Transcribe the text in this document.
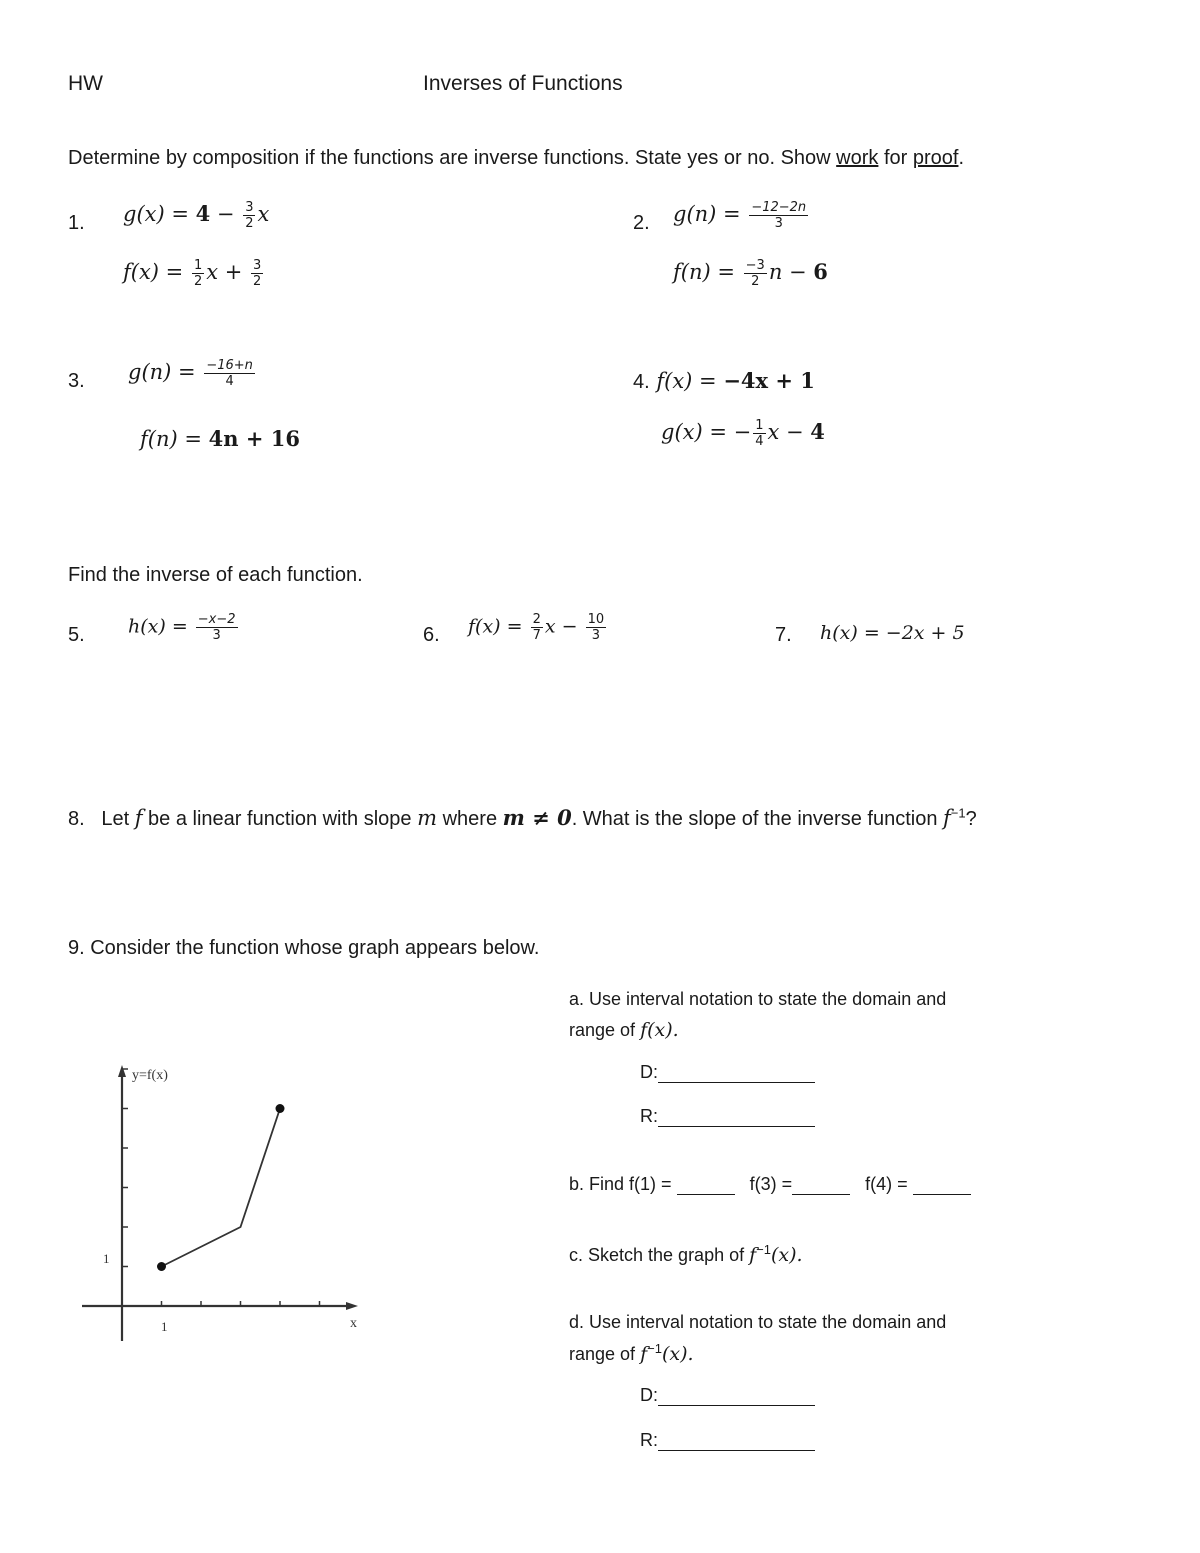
HW	Inverses of Functions
Determine by composition if the functions are inverse functions. State yes or no. Show work for proof.
1. $g(x) = 4 - \frac{3}{2}$ x
$f(x) = \frac{1}{2}$ $x + \frac{3}{2}$
2. $g(n) = \frac{-12-2n}{3}$
$f(n) = \frac{-3}{2}$ n − 6
3. $g(n) = \frac{-16+n}{4}$
f(n) = 4n + 16
4. f(x) = −4x + 1
g(x) = − $\frac{1}{4}$ x − 4
Find the inverse of each function.
5. $h(x) = \frac{-x-2}{3}$	6. $f(x) = \frac{2}{7}$ $x - \frac{10}{3}$	7. h(x) = −2x + 5
8. Let f be a linear function with slope m where m ≠ 0. What is the slope of the inverse function $f^{-1}$?
9. Consider the function whose graph appears below.
a. Use interval notation to state the domain and
range of f(x).
D:
R:
b. Find f(1) =	f(3) =	f(4) =
c. Sketch the graph of $f^{-1}(x)$.
d. Use interval notation to state the domain and
range of $f^{-1}(x)$.
D:
R:
y=f(x)
x
1
1
